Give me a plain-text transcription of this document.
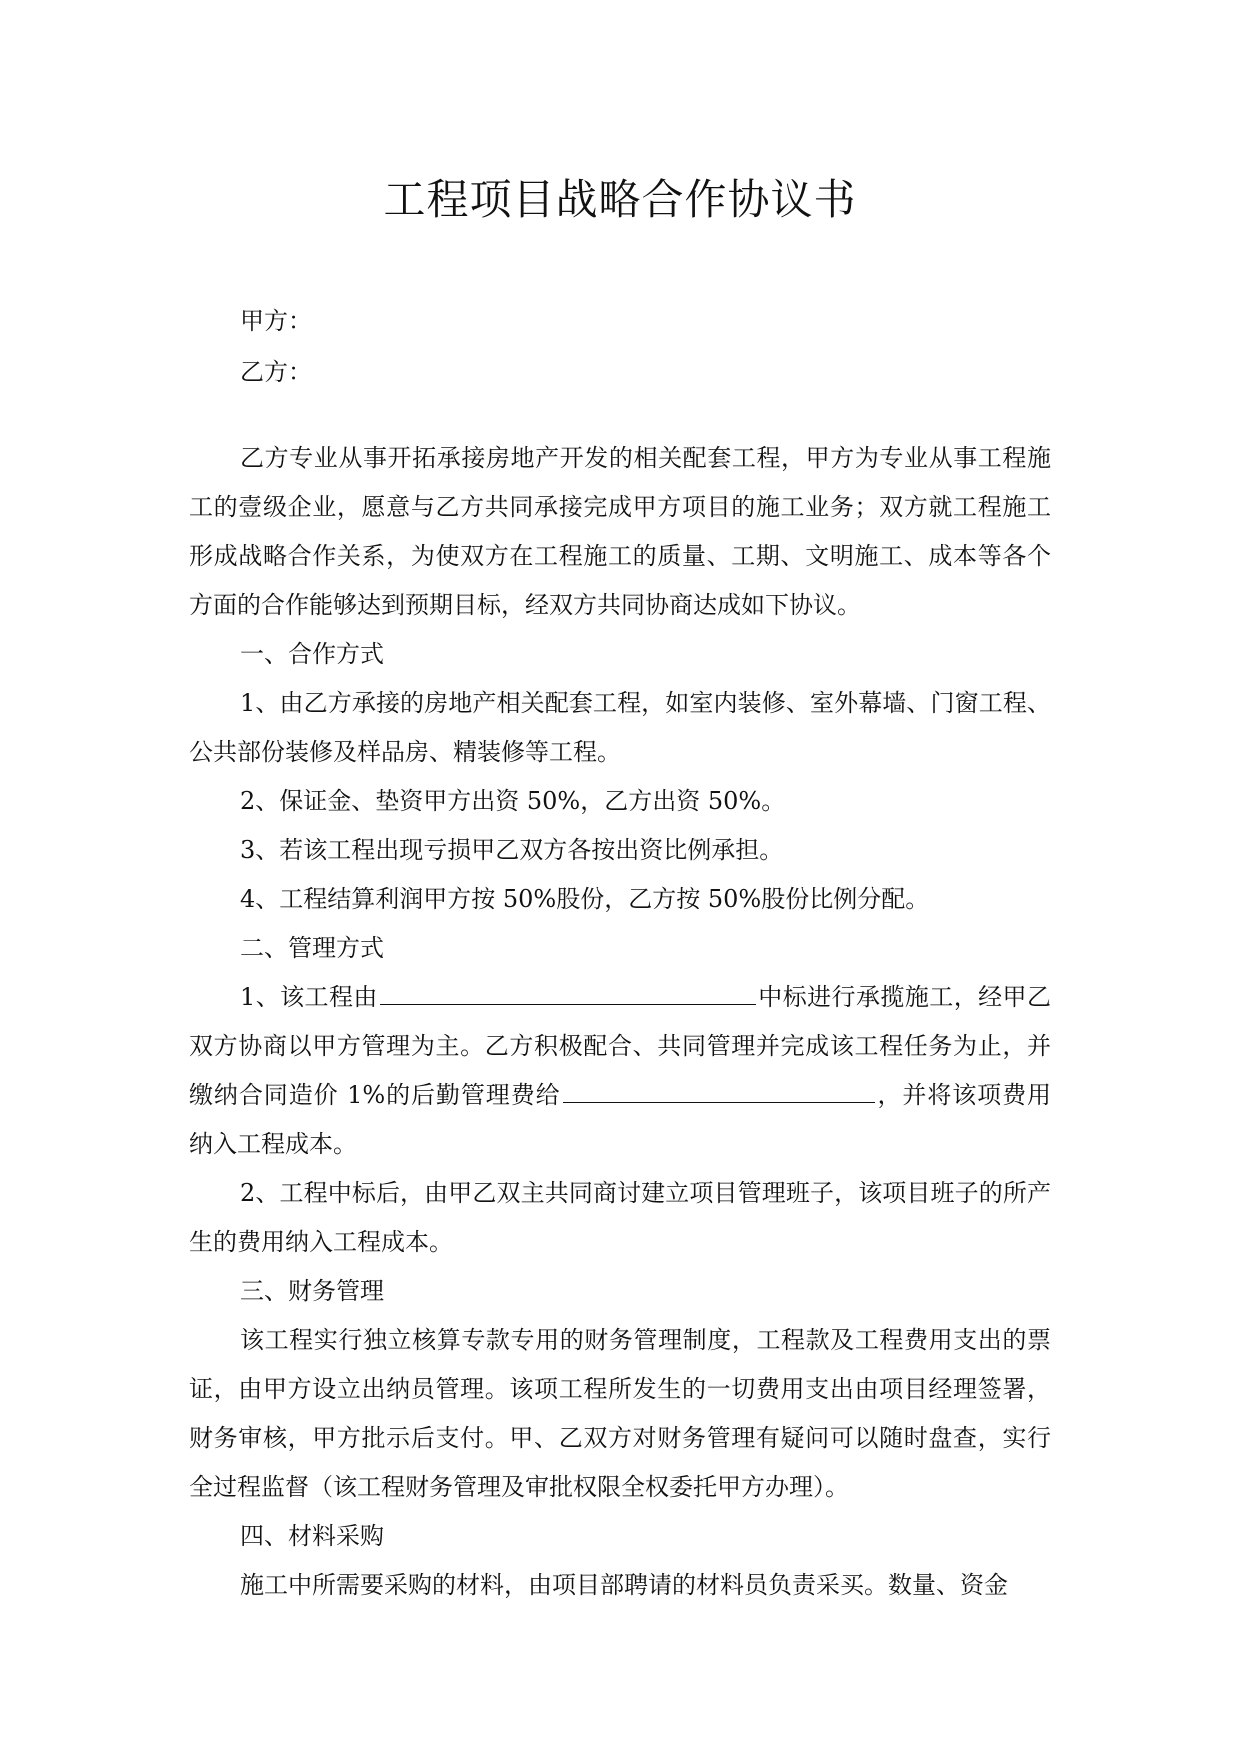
工程项目战略合作协议书
甲方：
乙方：

乙方专业从事开拓承接房地产开发的相关配套工程，甲方为专业从事工程施工的壹级企业，愿意与乙方共同承接完成甲方项目的施工业务；双方就工程施工形成战略合作关系，为使双方在工程施工的质量、工期、文明施工、成本等各个方面的合作能够达到预期目标，经双方共同协商达成如下协议。

一、合作方式

1、由乙方承接的房地产相关配套工程，如室内装修、室外幕墙、门窗工程、公共部份装修及样品房、精装修等工程。

2、保证金、垫资甲方出资 50%，乙方出资 50%。

3、若该工程出现亏损甲乙双方各按出资比例承担。

4、工程结算利润甲方按 50%股份，乙方按 50%股份比例分配。

二、管理方式

1、该工程由	中标进行承揽施工，经甲乙双方协商以甲方管理为主。乙方积极配合、共同管理并完成该工程任务为止，并缴纳合同造价 1%的后勤管理费给	，并将该项费用纳入工程成本。

2、工程中标后，由甲乙双主共同商讨建立项目管理班子，该项目班子的所产生的费用纳入工程成本。

三、财务管理

该工程实行独立核算专款专用的财务管理制度，工程款及工程费用支出的票证，由甲方设立出纳员管理。该项工程所发生的一切费用支出由项目经理签署，财务审核，甲方批示后支付。甲、乙双方对财务管理有疑问可以随时盘查，实行全过程监督（该工程财务管理及审批权限全权委托甲方办理）。

四、材料采购

施工中所需要采购的材料，由项目部聘请的材料员负责采买。数量、资金
